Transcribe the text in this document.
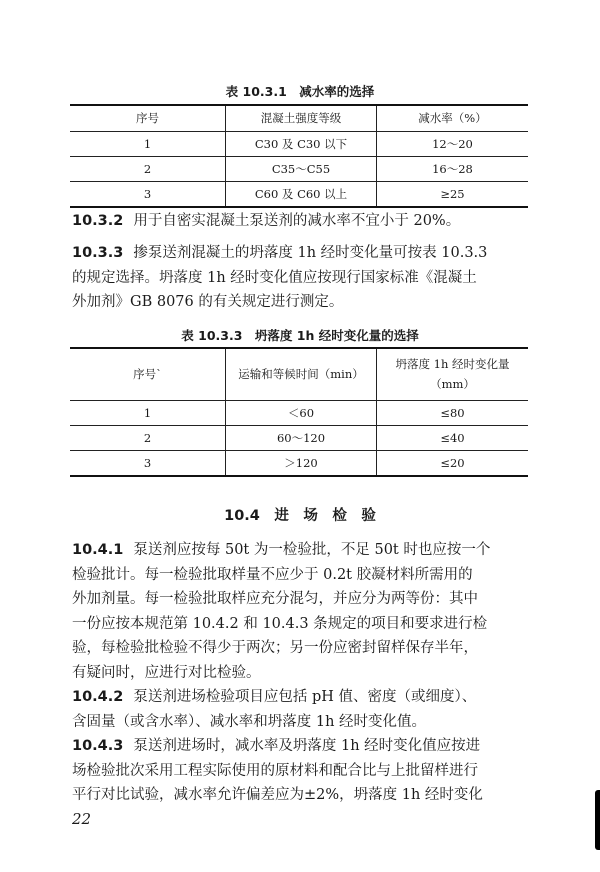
表 10.3.1　减水率的选择
序号	混凝土强度等级	减水率（%）
1	C30 及 C30 以下	12～20
2	C35～C55	16～28
3	C60 及 C60 以上	≥25
10.3.2 用于自密实混凝土泵送剂的减水率不宜小于 20%。
10.3.3 掺泵送剂混凝土的坍落度 1h 经时变化量可按表 10.3.3
的规定选择。坍落度 1h 经时变化值应按现行国家标准《混凝土
外加剂》GB 8076 的有关规定进行测定。
表 10.3.3　坍落度 1h 经时变化量的选择
序号`	运输和等候时间（min）	坍落度 1h 经时变化量
（mm）

1	＜60	≤80
2	60～120	≤40
3	＞120	≤20
10.4　进　场　检　验
10.4.1 泵送剂应按每 50t 为一检验批，不足 50t 时也应按一个
检验批计。每一检验批取样量不应少于 0.2t 胶凝材料所需用的
外加剂量。每一检验批取样应充分混匀，并应分为两等份：其中
一份应按本规范第 10.4.2 和 10.4.3 条规定的项目和要求进行检
验，每检验批检验不得少于两次；另一份应密封留样保存半年，
有疑问时，应进行对比检验。
10.4.2 泵送剂进场检验项目应包括 pH 值、密度（或细度）、
含固量（或含水率）、减水率和坍落度 1h 经时变化值。
10.4.3 泵送剂进场时，减水率及坍落度 1h 经时变化值应按进
场检验批次采用工程实际使用的原材料和配合比与上批留样进行
平行对比试验，减水率允许偏差应为±2%，坍落度 1h 经时变化
22
